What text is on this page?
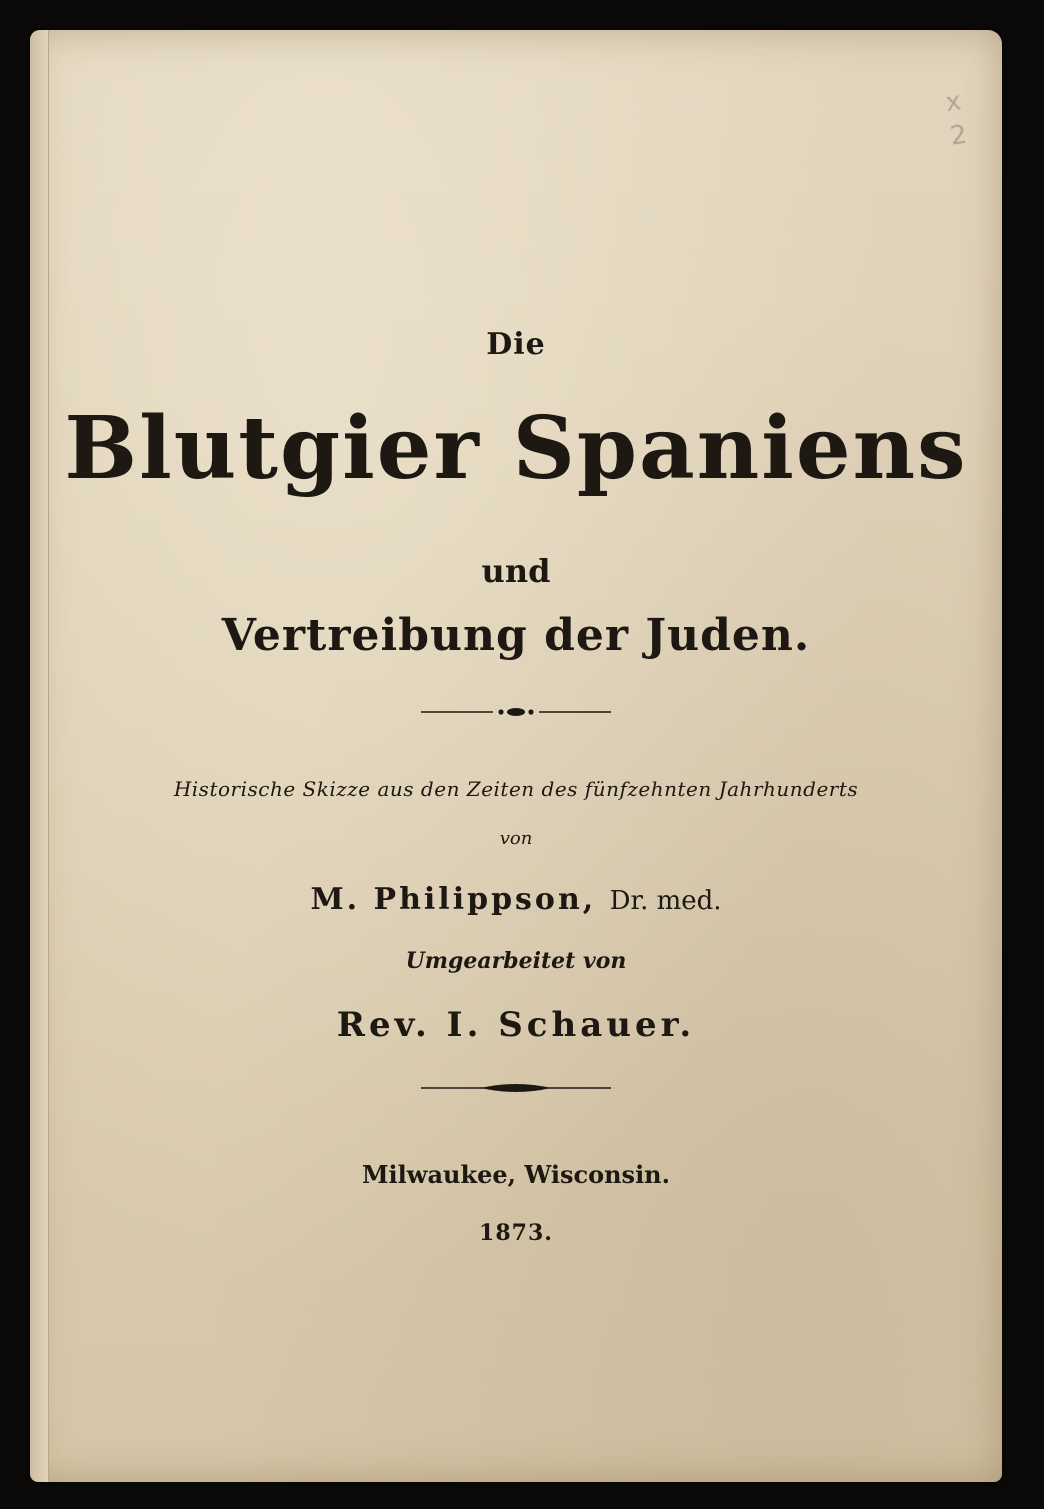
x
2
Die
Blutgier Spaniens
und
Vertreibung der Juden.
Historische Skizze aus den Zeiten des fünfzehnten Jahrhunderts
von
M. Philippson, Dr. med.
Umgearbeitet von
Rev. I. Schauer.
Milwaukee, Wisconsin.
1873.
